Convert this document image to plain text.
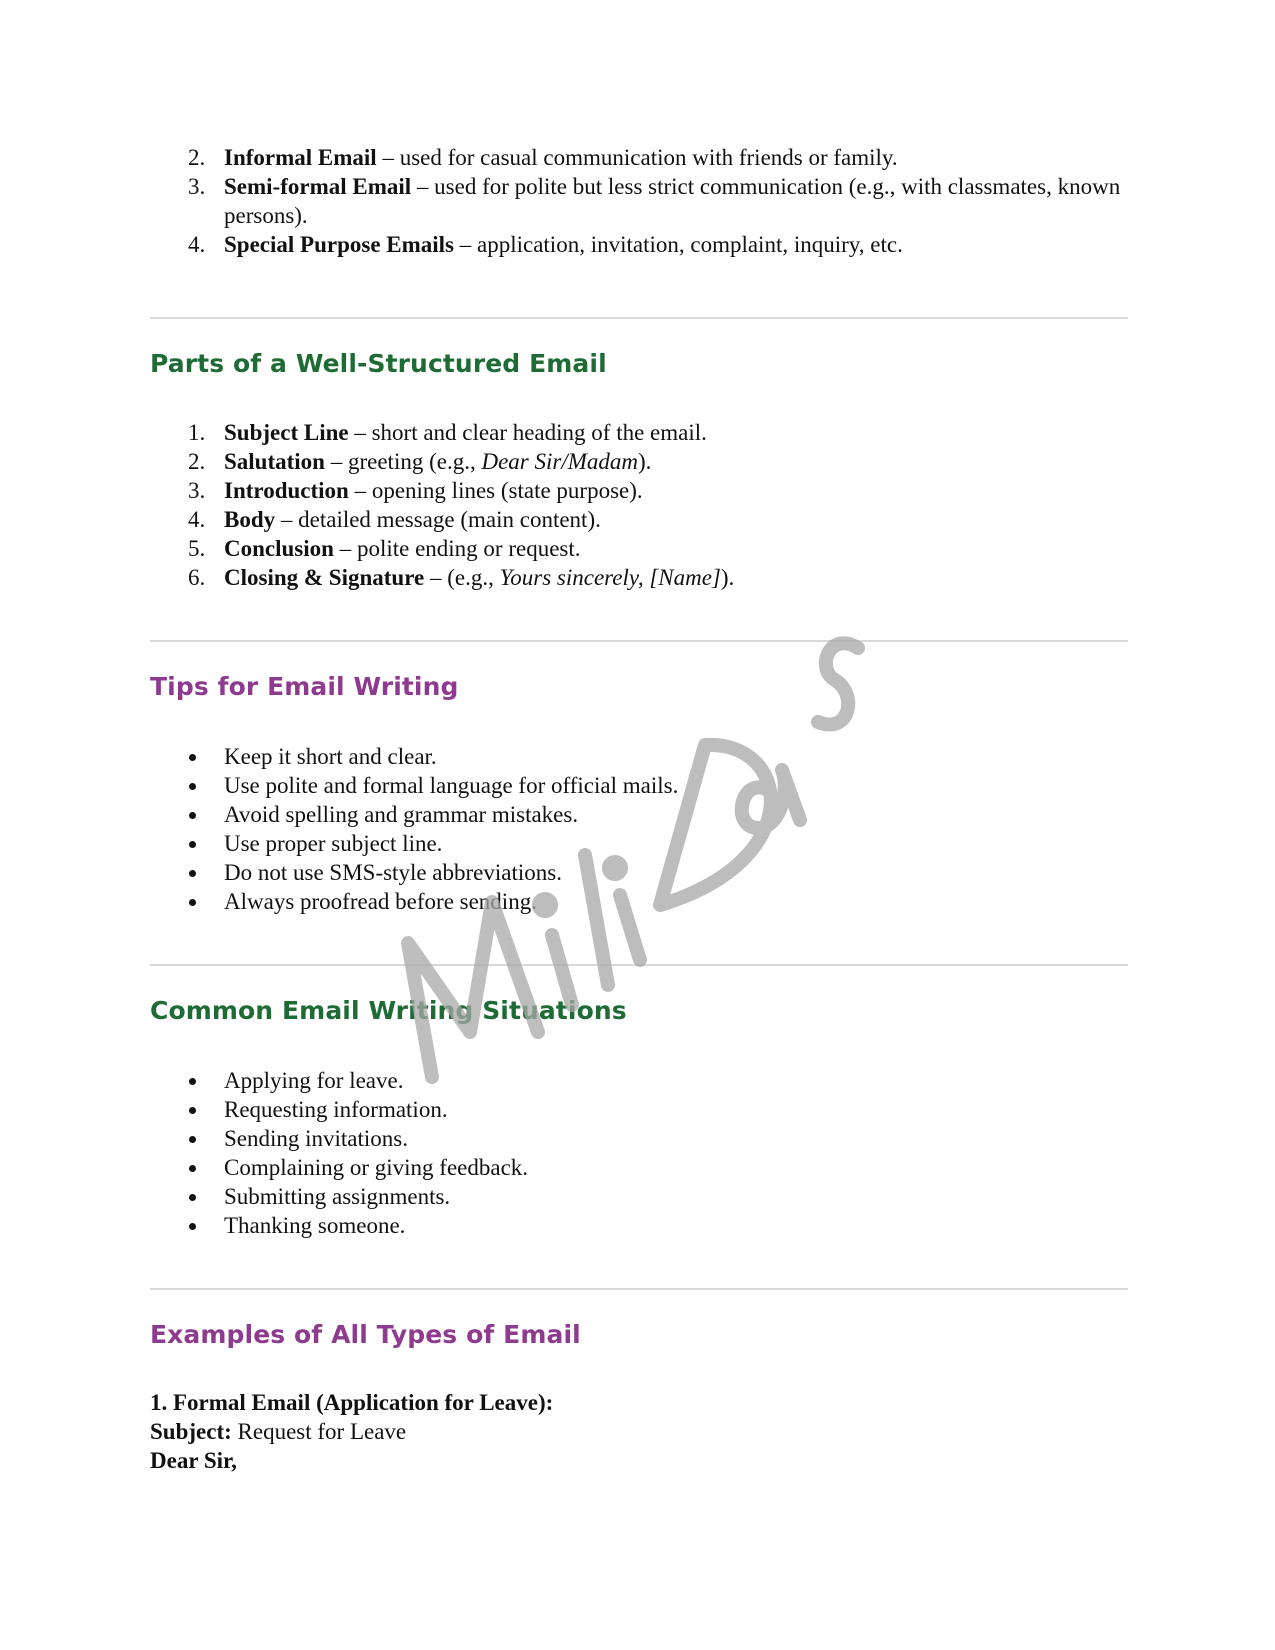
2. Informal Email – used for casual communication with friends or family.
3. Semi-formal Email – used for polite but less strict communication (e.g., with classmates, known persons).
4. Special Purpose Emails – application, invitation, complaint, inquiry, etc.
Parts of a Well-Structured Email
1. Subject Line – short and clear heading of the email.
2. Salutation – greeting (e.g., Dear Sir/Madam).
3. Introduction – opening lines (state purpose).
4. Body – detailed message (main content).
5. Conclusion – polite ending or request.
6. Closing & Signature – (e.g., Yours sincerely, [Name]).
Tips for Email Writing
Keep it short and clear.
Use polite and formal language for official mails.
Avoid spelling and grammar mistakes.
Use proper subject line.
Do not use SMS-style abbreviations.
Always proofread before sending.
Common Email Writing Situations
Applying for leave.
Requesting information.
Sending invitations.
Complaining or giving feedback.
Submitting assignments.
Thanking someone.
Examples of All Types of Email
1. Formal Email (Application for Leave):
Subject: Request for Leave
Dear Sir,
